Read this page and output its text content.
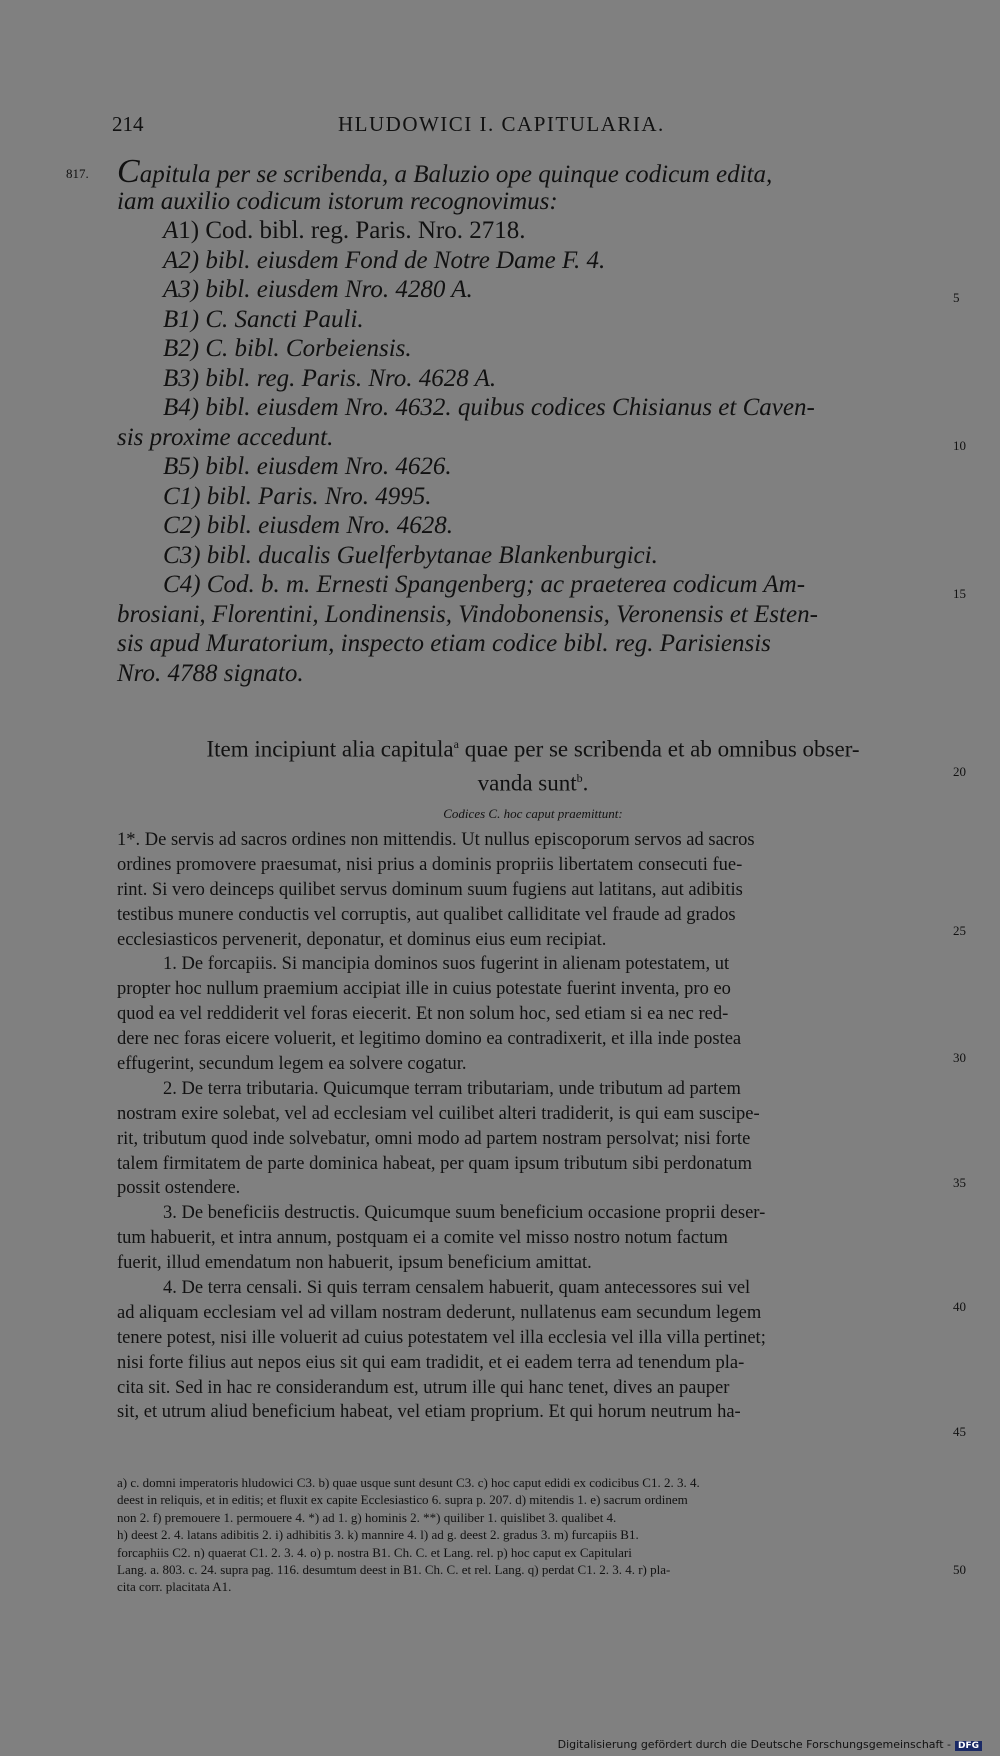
214	HLUDOWICI I. CAPITULARIA.
817.
5
10
15
20
25
30
35
40
45
50
Capitula per se scribenda, a Baluzio ope quinque codicum edita,
iam auxilio codicum istorum recognovimus:
A1) Cod. bibl. reg. Paris. Nro. 2718.
A2) bibl. eiusdem Fond de Notre Dame F. 4.
A3) bibl. eiusdem Nro. 4280 A.
B1) C. Sancti Pauli.
B2) C. bibl. Corbeiensis.
B3) bibl. reg. Paris. Nro. 4628 A.
B4) bibl. eiusdem Nro. 4632. quibus codices Chisianus et Caven-
sis proxime accedunt.
B5) bibl. eiusdem Nro. 4626.
C1) bibl. Paris. Nro. 4995.
C2) bibl. eiusdem Nro. 4628.
C3) bibl. ducalis Guelferbytanae Blankenburgici.
C4) Cod. b. m. Ernesti Spangenberg; ac praeterea codicum Am-
brosiani, Florentini, Londinensis, Vindobonensis, Veronensis et Esten-
sis apud Muratorium, inspecto etiam codice bibl. reg. Parisiensis
Nro. 4788 signato.
Item incipiunt alia capitula$^a$ quae per se scribenda et ab omnibus obser-
vanda sunt$^b$.
Codices C. hoc caput praemittunt:
1*. De servis ad sacros ordines non mittendis. Ut nullus episcoporum servos ad sacros
ordines promovere praesumat, nisi prius a dominis propriis libertatem consecuti fue-
rint. Si vero deinceps quilibet servus dominum suum fugiens aut latitans, aut adibitis
testibus munere conductis vel corruptis, aut qualibet calliditate vel fraude ad grados
ecclesiasticos pervenerit, deponatur, et dominus eius eum recipiat.
1. De forcapiis. Si mancipia dominos suos fugerint in alienam potestatem, ut
propter hoc nullum praemium accipiat ille in cuius potestate fuerint inventa, pro eo
quod ea vel reddiderit vel foras eiecerit. Et non solum hoc, sed etiam si ea nec red-
dere nec foras eicere voluerit, et legitimo domino ea contradixerit, et illa inde postea
effugerint, secundum legem ea solvere cogatur.
2. De terra tributaria. Quicumque terram tributariam, unde tributum ad partem
nostram exire solebat, vel ad ecclesiam vel cuilibet alteri tradiderit, is qui eam suscipe-
rit, tributum quod inde solvebatur, omni modo ad partem nostram persolvat; nisi forte
talem firmitatem de parte dominica habeat, per quam ipsum tributum sibi perdonatum
possit ostendere.
3. De beneficiis destructis. Quicumque suum beneficium occasione proprii deser-
tum habuerit, et intra annum, postquam ei a comite vel misso nostro notum factum
fuerit, illud emendatum non habuerit, ipsum beneficium amittat.
4. De terra censali. Si quis terram censalem habuerit, quam antecessores sui vel
ad aliquam ecclesiam vel ad villam nostram dederunt, nullatenus eam secundum legem
tenere potest, nisi ille voluerit ad cuius potestatem vel illa ecclesia vel illa villa pertinet;
nisi forte filius aut nepos eius sit qui eam tradidit, et ei eadem terra ad tenendum pla-
cita sit. Sed in hac re considerandum est, utrum ille qui hanc tenet, dives an pauper
sit, et utrum aliud beneficium habeat, vel etiam proprium. Et qui horum neutrum ha-
a) c. domni imperatoris hludowici C3. b) quae usque sunt desunt C3. c) hoc caput edidi ex codicibus C1. 2. 3. 4.
deest in reliquis, et in editis; et fluxit ex capite Ecclesiastico 6. supra p. 207. d) mitendis 1. e) sacrum ordinem
non 2. f) premouere 1. permouere 4. *) ad 1. g) hominis 2. **) quiliber 1. quislibet 3. qualibet 4.
h) deest 2. 4. latans adibitis 2. i) adhibitis 3. k) mannire 4. l) ad g. deest 2. gradus 3. m) furcapiis B1.
forcaphiis C2. n) quaerat C1. 2. 3. 4. o) p. nostra B1. Ch. C. et Lang. rel. p) hoc caput ex Capitulari
Lang. a. 803. c. 24. supra pag. 116. desumtum deest in B1. Ch. C. et rel. Lang. q) perdat C1. 2. 3. 4. r) pla-
cita corr. placitata A1.
Digitalisierung gefördert durch die Deutsche Forschungsgemeinschaft - DFG
